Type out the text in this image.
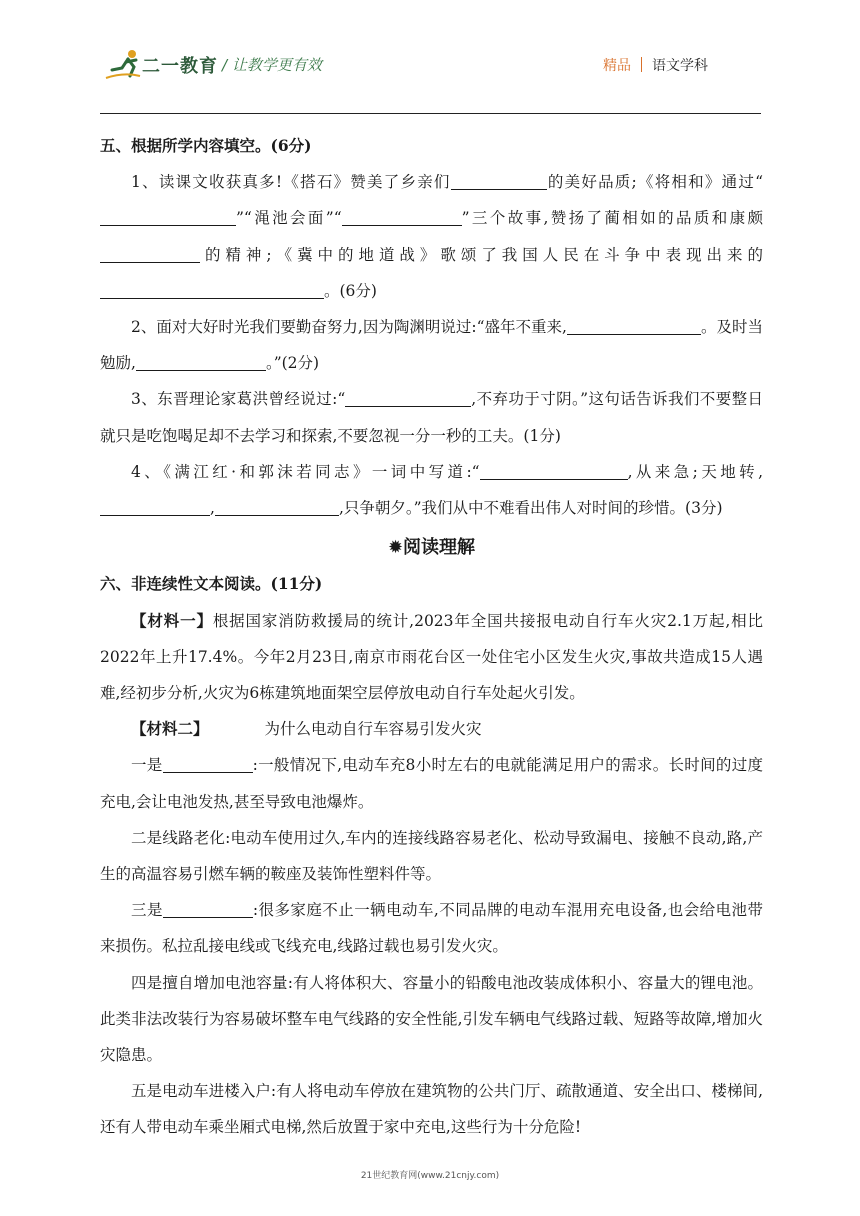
二一教育 / 让教学更有效	精品 语文学科

五、根据所学内容填空。(6分)

1、读课文收获真多!《搭石》赞美了乡亲们	的美好品质;《将相和》通过“”“渑池会面”“	”三个故事,赞扬了蔺相如的品质和康颇的精神;《冀中的地道战》歌颂了我国人民在斗争中表现出来的。(6分)

2、面对大好时光我们要勤奋努力,因为陶渊明说过:“盛年不重来,	。及时当勉励,	。”(2分)

3、东晋理论家葛洪曾经说过:“	,不弃功于寸阴。”这句话告诉我们不要整日就只是吃饱喝足却不去学习和探索,不要忽视一分一秒的工夫。(1分)

4、《满江红·和郭沫若同志》一词中写道:“	,从来急;天地转,,	,只争朝夕。”我们从中不难看出伟人对时间的珍惜。(3分)

✹阅读理解

六、非连续性文本阅读。(11分)

【材料一】根据国家消防救援局的统计,2023年全国共接报电动自行车火灾2.1万起,相比2022年上升17.4%。今年2月23日,南京市雨花台区一处住宅小区发生火灾,事故共造成15人遇难,经初步分析,火灾为6栋建筑地面架空层停放电动自行车处起火引发。

【材料二】	为什么电动自行车容易引发火灾

一是	:一般情况下,电动车充8小时左右的电就能满足用户的需求。长时间的过度充电,会让电池发热,甚至导致电池爆炸。

二是线路老化:电动车使用过久,车内的连接线路容易老化、松动导致漏电、接触不良动,路,产生的高温容易引燃车辆的鞍座及装饰性塑料件等。

三是	:很多家庭不止一辆电动车,不同品牌的电动车混用充电设备,也会给电池带来损伤。私拉乱接电线或飞线充电,线路过载也易引发火灾。

四是擅自增加电池容量:有人将体积大、容量小的铅酸电池改装成体积小、容量大的锂电池。此类非法改装行为容易破坏整车电气线路的安全性能,引发车辆电气线路过载、短路等故障,增加火灾隐患。

五是电动车进楼入户:有人将电动车停放在建筑物的公共门厅、疏散通道、安全出口、楼梯间,还有人带电动车乘坐厢式电梯,然后放置于家中充电,这些行为十分危险!

21世纪教育网(www.21cnjy.com)
